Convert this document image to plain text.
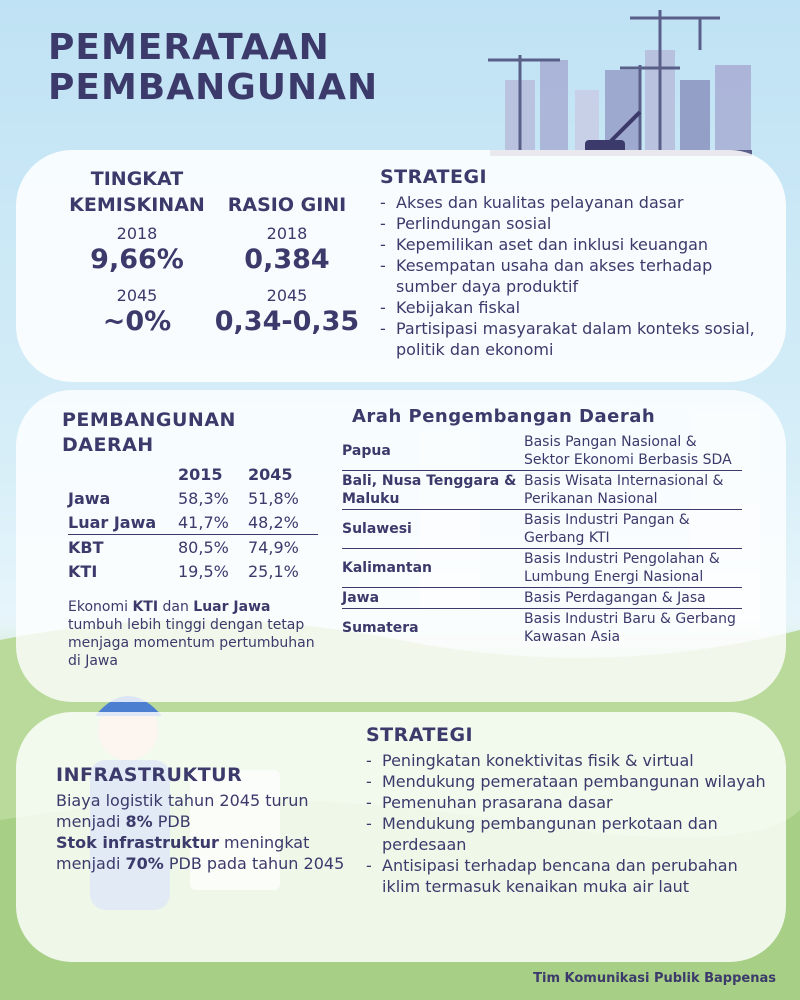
PEMERATAAN
PEMBANGUNAN
TINGKAT
KEMISKINAN
2018
9,66%
2045
~0%
RASIO GINI
2018
0,384
2045
0,34-0,35
STRATEGI
- Akses dan kualitas pelayanan dasar
- Perlindungan sosial
- Kepemilikan aset dan inklusi keuangan
- Kesempatan usaha dan akses terhadap sumber daya produktif
- Kebijakan fiskal
- Partisipasi masyarakat dalam konteks sosial, politik dan ekonomi
PEMBANGUNAN
DAERAH
	2015	2045
Jawa	58,3%	51,8%
Luar Jawa	41,7%	48,2%
KBT	80,5%	74,9%
KTI	19,5%	25,1%
Ekonomi KTI dan Luar Jawa tumbuh lebih tinggi dengan tetap menjaga momentum pertumbuhan di Jawa
Arah Pengembangan Daerah
Papua	Basis Pangan Nasional & Sektor Ekonomi Berbasis SDA
Bali, Nusa Tenggara & Maluku	Basis Wisata Internasional & Perikanan Nasional
Sulawesi	Basis Industri Pangan & Gerbang KTI
Kalimantan	Basis Industri Pengolahan & Lumbung Energi Nasional
Jawa	Basis Perdagangan & Jasa
Sumatera	Basis Industri Baru & Gerbang Kawasan Asia
INFRASTRUKTUR
Biaya logistik tahun 2045 turun menjadi 8% PDB
Stok infrastruktur meningkat menjadi 70% PDB pada tahun 2045
STRATEGI
- Peningkatan konektivitas fisik & virtual
- Mendukung pemerataan pembangunan wilayah
- Pemenuhan prasarana dasar
- Mendukung pembangunan perkotaan dan perdesaan
- Antisipasi terhadap bencana dan perubahan iklim termasuk kenaikan muka air laut
Tim Komunikasi Publik Bappenas
